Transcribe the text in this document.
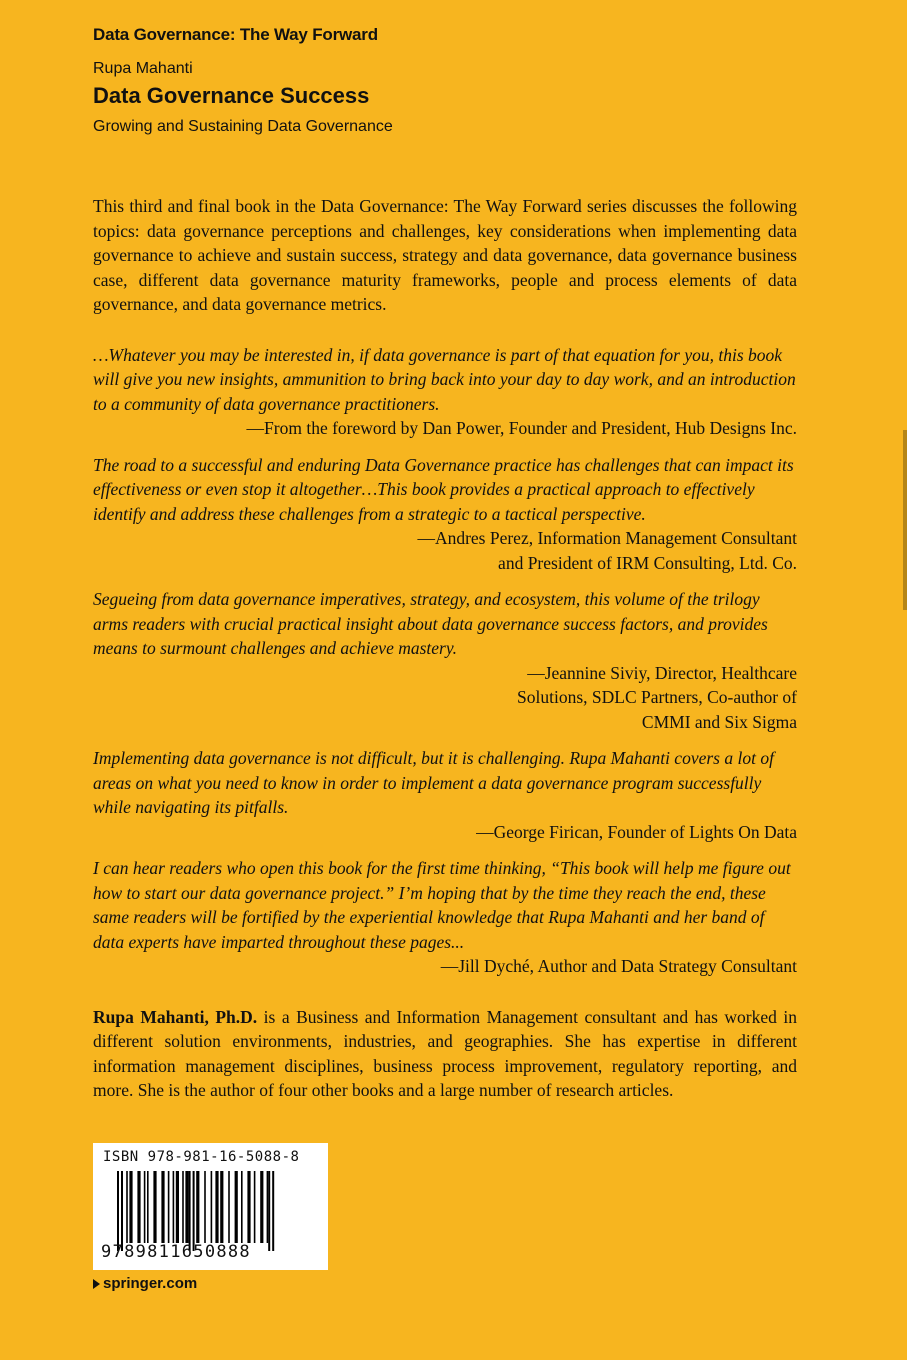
Data Governance: The Way Forward

Rupa Mahanti

Data Governance Success

Growing and Sustaining Data Governance

This third and final book in the Data Governance: The Way Forward series discusses the following topics: data governance perceptions and challenges, key considerations when implementing data governance to achieve and sustain success, strategy and data governance, data governance business case, different data governance maturity frameworks, people and process elements of data governance, and data governance metrics.

…Whatever you may be interested in, if data governance is part of that equation for you, this book will give you new insights, ammunition to bring back into your day to day work, and an introduction to a community of data governance practitioners.

—From the foreword by Dan Power, Founder and President, Hub Designs Inc.

The road to a successful and enduring Data Governance practice has challenges that can impact its effectiveness or even stop it altogether…This book provides a practical approach to effectively identify and address these challenges from a strategic to a tactical perspective.

—Andres Perez, Information Management Consultant and President of IRM Consulting, Ltd. Co.

Segueing from data governance imperatives, strategy, and ecosystem, this volume of the trilogy arms readers with crucial practical insight about data governance success factors, and provides means to surmount challenges and achieve mastery.

—Jeannine Siviy, Director, Healthcare Solutions, SDLC Partners, Co-author of CMMI and Six Sigma

Implementing data governance is not difficult, but it is challenging. Rupa Mahanti covers a lot of areas on what you need to know in order to implement a data governance program successfully while navigating its pitfalls.

—George Firican, Founder of Lights On Data

I can hear readers who open this book for the first time thinking, “This book will help me figure out how to start our data governance project.” I’m hoping that by the time they reach the end, these same readers will be fortified by the experiential knowledge that Rupa Mahanti and her band of data experts have imparted throughout these pages...

—Jill Dyché, Author and Data Strategy Consultant

Rupa Mahanti, Ph.D. is a Business and Information Management consultant and has worked in different solution environments, industries, and geographies. She has expertise in different information management disciplines, business process improvement, regulatory reporting, and more. She is the author of four other books and a large number of research articles.

ISBN 978-981-16-5088-8
9789811650888
springer.com
